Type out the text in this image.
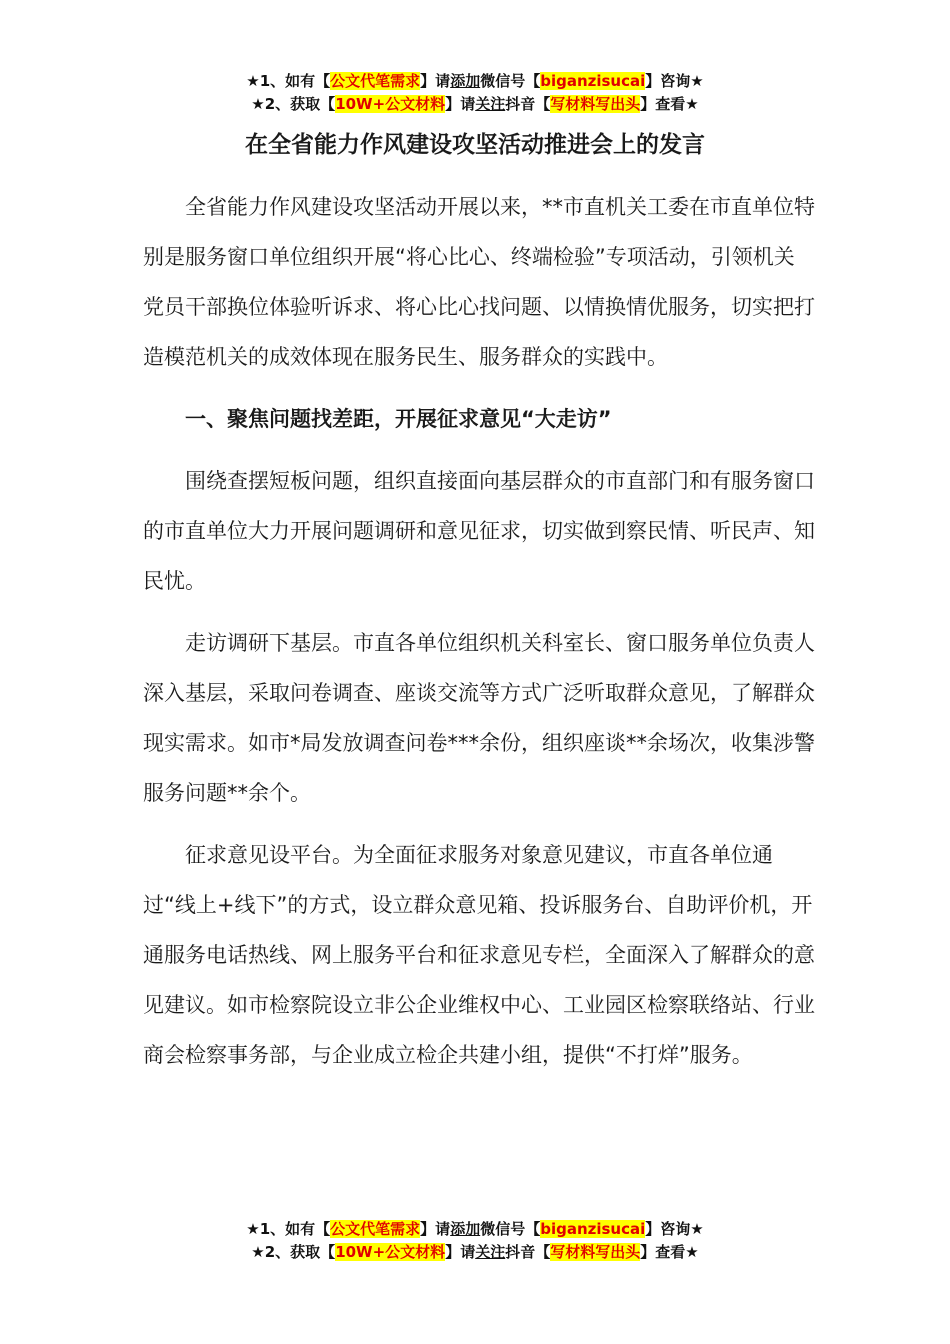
★1、如有【公文代笔需求】请添加微信号【biganzisucai】咨询★
★2、获取【10W+公文材料】请关注抖音【写材料写出头】查看★
在全省能力作风建设攻坚活动推进会上的发言

全省能力作风建设攻坚活动开展以来，**市直机关工委在市直单位特别是服务窗口单位组织开展“将心比心、终端检验”专项活动，引领机关党员干部换位体验听诉求、将心比心找问题、以情换情优服务，切实把打造模范机关的成效体现在服务民生、服务群众的实践中。

一、聚焦问题找差距，开展征求意见“大走访”

围绕查摆短板问题，组织直接面向基层群众的市直部门和有服务窗口的市直单位大力开展问题调研和意见征求，切实做到察民情、听民声、知民忧。

走访调研下基层。市直各单位组织机关科室长、窗口服务单位负责人深入基层，采取问卷调查、座谈交流等方式广泛听取群众意见，了解群众现实需求。如市*局发放调查问卷***余份，组织座谈**余场次，收集涉警服务问题**余个。

征求意见设平台。为全面征求服务对象意见建议，市直各单位通过“线上+线下”的方式，设立群众意见箱、投诉服务台、自助评价机，开通服务电话热线、网上服务平台和征求意见专栏，全面深入了解群众的意见建议。如市检察院设立非公企业维权中心、工业园区检察联络站、行业商会检察事务部，与企业成立检企共建小组，提供“不打烊”服务。

★1、如有【公文代笔需求】请添加微信号【biganzisucai】咨询★
★2、获取【10W+公文材料】请关注抖音【写材料写出头】查看★
